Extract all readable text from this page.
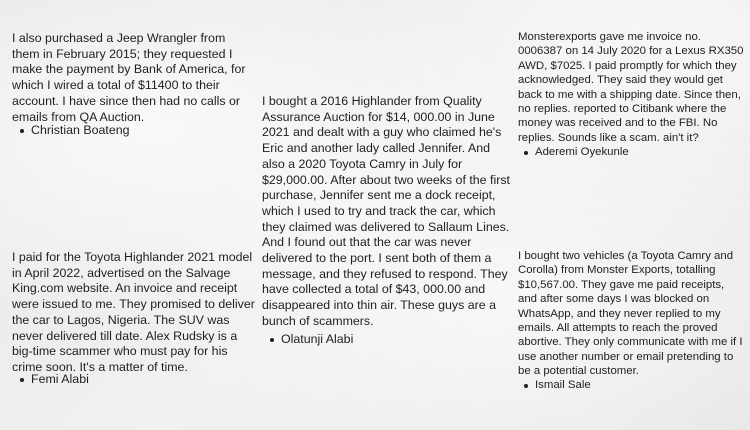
I also purchased a Jeep Wrangler from them in February 2015; they requested I make the payment by Bank of America, for which I wired a total of $11400 to their account. I have since then had no calls or emails from QA Auction.

Christian Boateng

I paid for the Toyota Highlander 2021 model in April 2022, advertised on the Salvage King.com website. An invoice and receipt were issued to me. They promised to deliver the car to Lagos, Nigeria. The SUV was never delivered till date. Alex Rudsky is a big-time scammer who must pay for his crime soon. It's a matter of time.

Femi Alabi

I bought a 2016 Highlander from Quality Assurance Auction for $14, 000.00 in June 2021 and dealt with a guy who claimed he's Eric and another lady called Jennifer. And also a 2020 Toyota Camry in July for $29,000.00. After about two weeks of the first purchase, Jennifer sent me a dock receipt, which I used to try and track the car, which they claimed was delivered to Sallaum Lines. And I found out that the car was never delivered to the port. I sent both of them a message, and they refused to respond. They have collected a total of $43, 000.00 and disappeared into thin air. These guys are a bunch of scammers.

Olatunji Alabi

Monsterexports gave me invoice no. 0006387 on 14 July 2020 for a Lexus RX350 AWD, $7025. I paid promptly for which they acknowledged. They said they would get back to me with a shipping date. Since then, no replies. reported to Citibank where the money was received and to the FBI. No replies. Sounds like a scam. ain't it?

Aderemi Oyekunle

I bought two vehicles (a Toyota Camry and Corolla) from Monster Exports, totalling $10,567.00. They gave me paid receipts, and after some days I was blocked on WhatsApp, and they never replied to my emails. All attempts to reach the proved abortive. They only communicate with me if I use another number or email pretending to be a potential customer.

Ismail Sale
